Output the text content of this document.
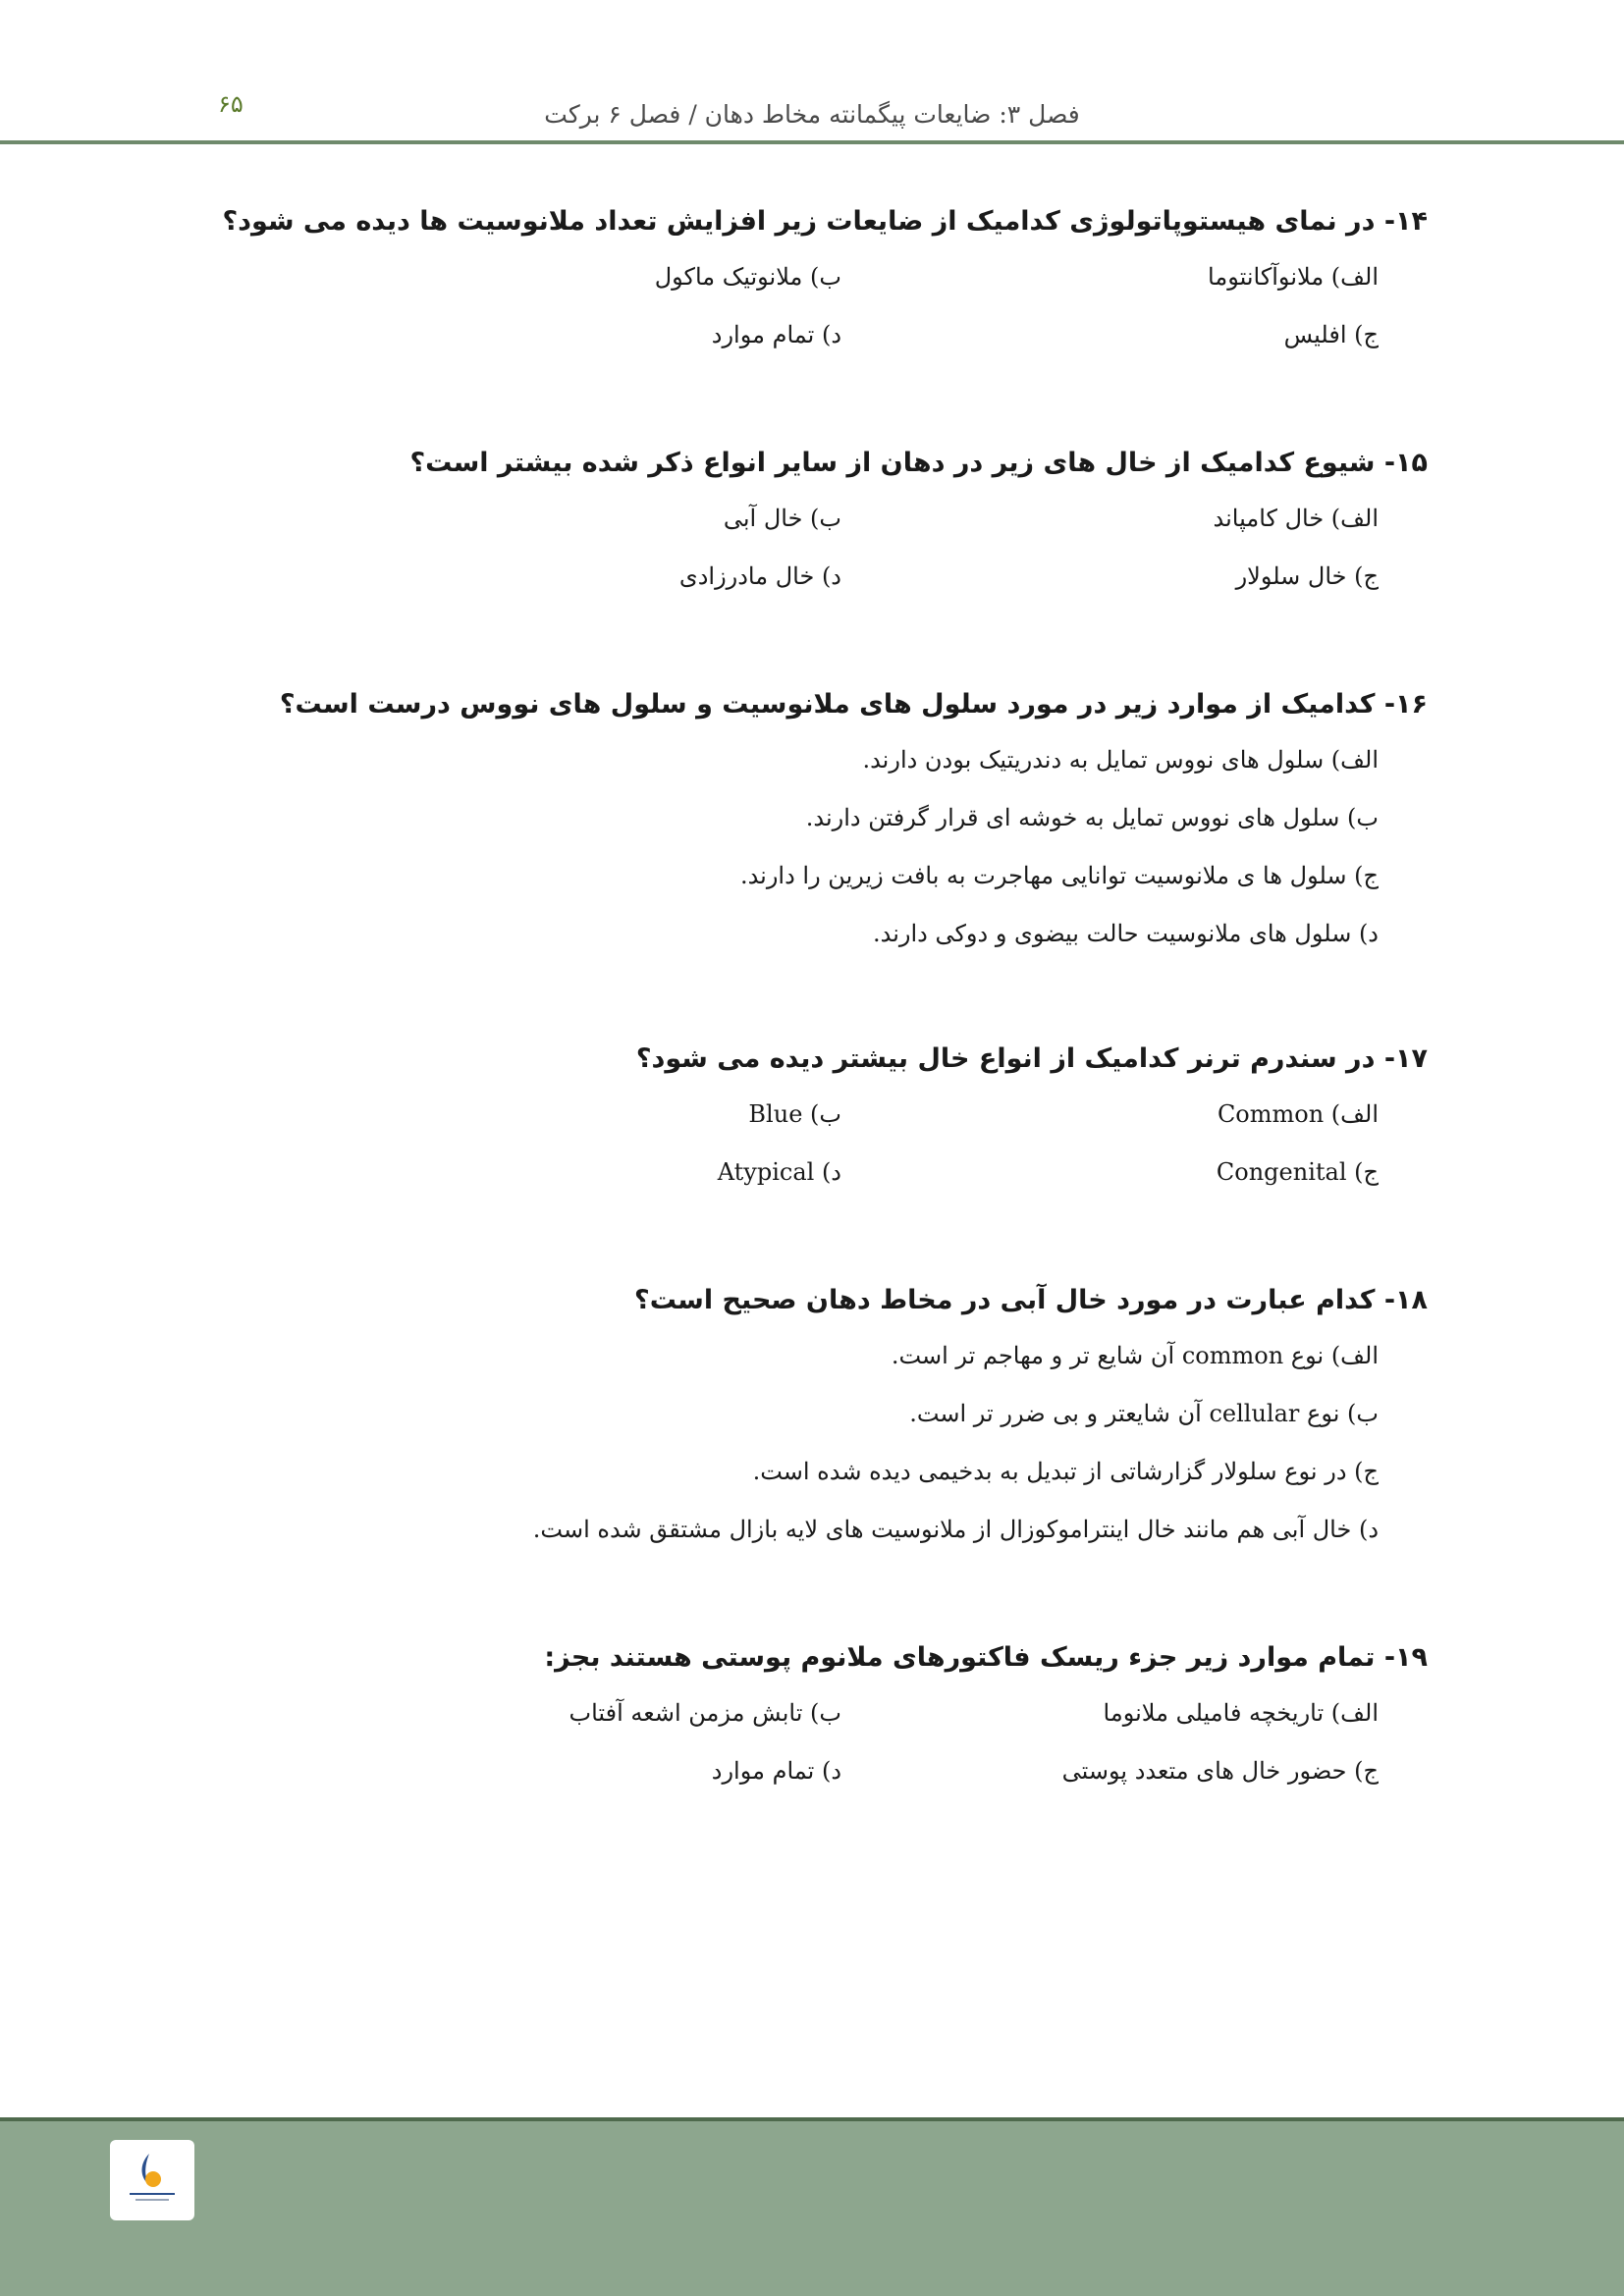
فصل ۳: ضایعات پیگمانته مخاط دهان / فصل ۶ برکت
۶۵

۱۴- در نمای هیستوپاتولوژی کدامیک از ضایعات زیر افزایش تعداد ملانوسیت ها دیده می شود؟

الف) ملانوآکانتوما
ب) ملانوتیک ماکول
ج) افلیس
د) تمام موارد

۱۵- شیوع کدامیک از خال های زیر در دهان از سایر انواع ذکر شده بیشتر است؟

الف) خال کامپاند
ب) خال آبی
ج) خال سلولار
د) خال مادرزادی

۱۶- کدامیک از موارد زیر در مورد سلول های ملانوسیت و سلول های نووس درست است؟

الف) سلول های نووس تمایل به دندریتیک بودن دارند.
ب) سلول های نووس تمایل به خوشه ای قرار گرفتن دارند.
ج) سلول ها ی ملانوسیت توانایی مهاجرت به بافت زیرین را دارند.
د) سلول های ملانوسیت حالت بیضوی و دوکی دارند.

۱۷- در سندرم ترنر کدامیک از انواع خال بیشتر دیده می شود؟

الف) Common
ب) Blue
ج) Congenital
د) Atypical

۱۸- کدام عبارت در مورد خال آبی در مخاط دهان صحیح است؟

الف) نوع common آن شایع تر و مهاجم تر است.
ب) نوع cellular آن شایعتر و بی ضرر تر است.
ج) در نوع سلولار گزارشاتی از تبدیل به بدخیمی دیده شده است.
د) خال آبی هم مانند خال اینترامو‌کوزال از ملانوسیت های لایه بازال مشتقق شده است.

۱۹- تمام موارد زیر جزء ریسک فاکتورهای ملانوم پوستی هستند بجز:

الف) تاریخچه فامیلی ملانوما
ب) تابش مزمن اشعه آفتاب
ج) حضور خال های متعدد پوستی
د) تمام موارد
